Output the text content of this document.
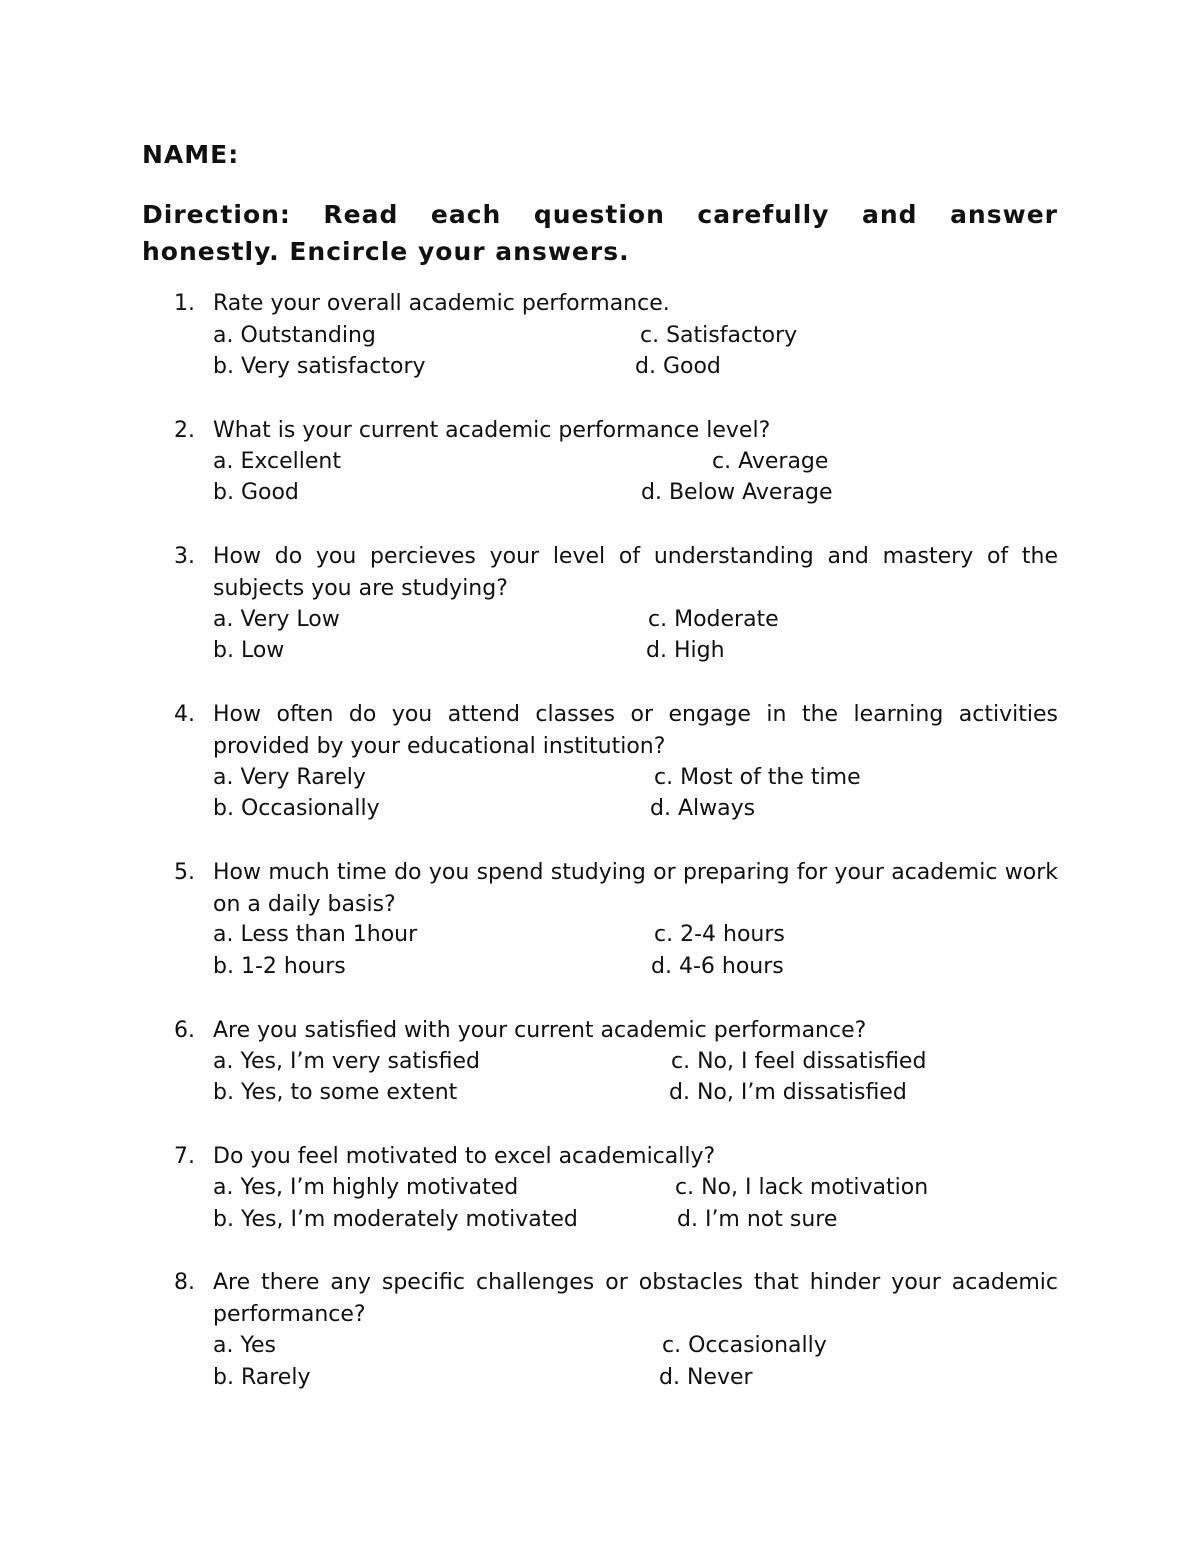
NAME:
Direction: Read each question carefully and answer honestly. Encircle your answers.
1. Rate your overall academic performance.
a. Outstanding
b. Very satisfactory
c. Satisfactory
d. Good
2. What is your current academic performance level?
a. Excellent
b. Good
c. Average
d. Below Average
3. How do you percieves your level of understanding and mastery of the subjects you are studying?
a. Very Low
b. Low
c. Moderate
d. High
4. How often do you attend classes or engage in the learning activities provided by your educational institution?
a. Very Rarely
b. Occasionally
c. Most of the time
d. Always
5. How much time do you spend studying or preparing for your academic work on a daily basis?
a. Less than 1hour
b. 1-2 hours
c. 2-4 hours
d. 4-6 hours
6. Are you satisfied with your current academic performance?
a. Yes, I’m very satisfied
b. Yes, to some extent
c. No, I feel dissatisfied
d. No, I’m dissatisfied
7. Do you feel motivated to excel academically?
a. Yes, I’m highly motivated
b. Yes, I’m moderately motivated
c. No, I lack motivation
d. I’m not sure
8. Are there any specific challenges or obstacles that hinder your academic performance?
a. Yes
b. Rarely
c. Occasionally
d. Never
